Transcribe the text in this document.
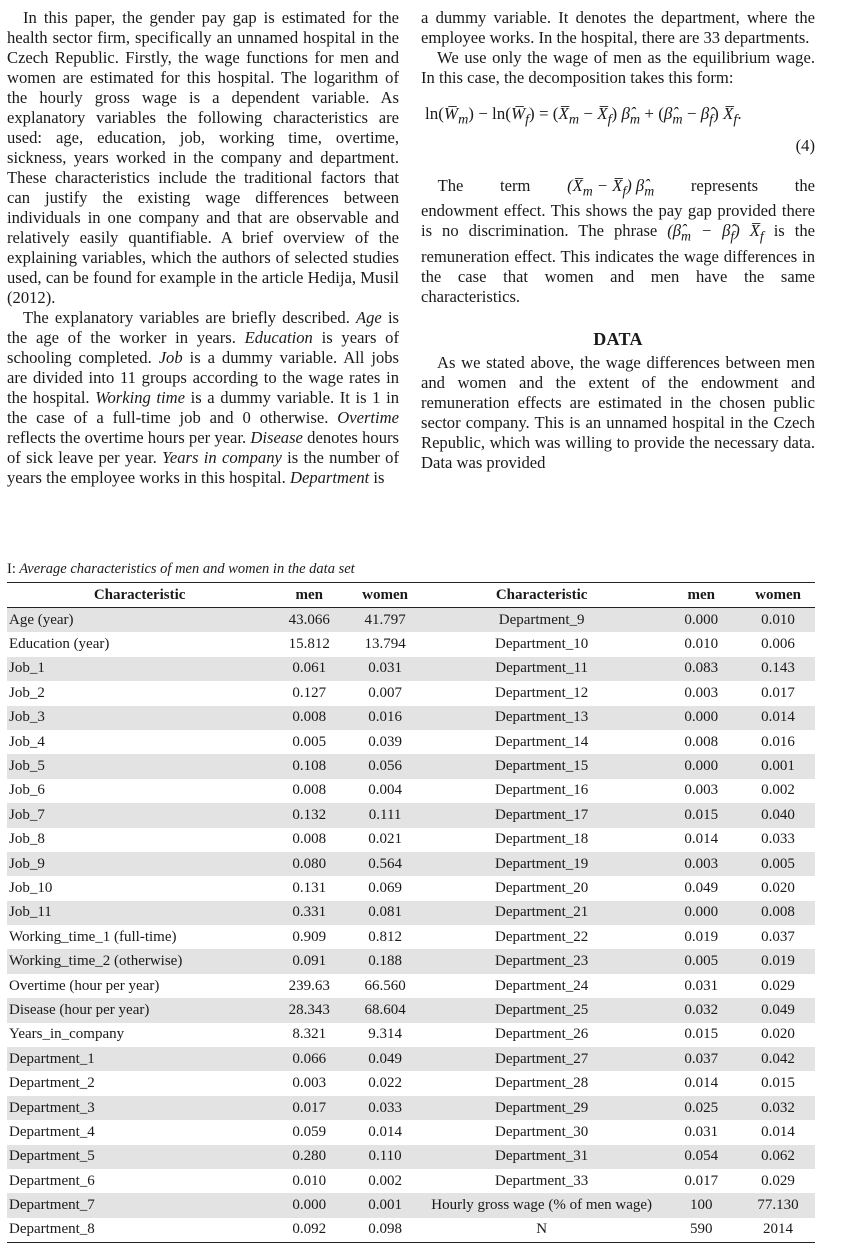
In this paper, the gender pay gap is estimated for the health sector firm, specifically an unnamed hospital in the Czech Republic. Firstly, the wage functions for men and women are estimated for this hospital. The logarithm of the hourly gross wage is a dependent variable. As explanatory variables the following characteristics are used: age, education, job, working time, overtime, sickness, years worked in the company and department. These characteristics include the traditional factors that can justify the existing wage differences between individuals in one company and that are observable and relatively easily quantifiable. A brief overview of the explaining variables, which the authors of selected studies used, can be found for example in the article Hedija, Musil (2012).

The explanatory variables are briefly described. Age is the age of the worker in years. Education is years of schooling completed. Job is a dummy variable. All jobs are divided into 11 groups according to the wage rates in the hospital. Working time is a dummy variable. It is 1 in the case of a full-time job and 0 otherwise. Overtime reflects the overtime hours per year. Disease denotes hours of sick leave per year. Years in company is the number of years the employee works in this hospital. Department is

a dummy variable. It denotes the department, where the employee works. In the hospital, there are 33 departments.

We use only the wage of men as the equilibrium wage. In this case, the decomposition takes this form:

$\ln(W̅_m)$ − $\ln(W̅_f)$ = ($X̅_m$ − $X̅_f$) $\betâ_m$ + ($\betâ_m$ − $\betâ_f$) $X̅_f$.
(4)

The term ($X̅_m$ − $X̅_f$) $\betâ_m$ represents the
endowment effect. This shows the pay gap provided there is no discrimination. The phrase ($\betâ_m$ − $\betâ_f$) $X̅_f$ is the remuneration effect. This indicates the wage differences in the case that women and men have the same characteristics.

DATA

As we stated above, the wage differences between men and women and the extent of the endowment and remuneration effects are estimated in the chosen public sector company. This is an unnamed hospital in the Czech Republic, which was willing to provide the necessary data. Data was provided

I: Average characteristics of men and women in the data set
Characteristic	men	women	Characteristic	men	women
Age (year)	43.066	41.797	Department_9	0.000	0.010
Education (year)	15.812	13.794	Department_10	0.010	0.006
Job_1	0.061	0.031	Department_11	0.083	0.143
Job_2	0.127	0.007	Department_12	0.003	0.017
Job_3	0.008	0.016	Department_13	0.000	0.014
Job_4	0.005	0.039	Department_14	0.008	0.016
Job_5	0.108	0.056	Department_15	0.000	0.001
Job_6	0.008	0.004	Department_16	0.003	0.002
Job_7	0.132	0.111	Department_17	0.015	0.040
Job_8	0.008	0.021	Department_18	0.014	0.033
Job_9	0.080	0.564	Department_19	0.003	0.005
Job_10	0.131	0.069	Department_20	0.049	0.020
Job_11	0.331	0.081	Department_21	0.000	0.008
Working_time_1 (full-time)	0.909	0.812	Department_22	0.019	0.037
Working_time_2 (otherwise)	0.091	0.188	Department_23	0.005	0.019
Overtime (hour per year)	239.63	66.560	Department_24	0.031	0.029
Disease (hour per year)	28.343	68.604	Department_25	0.032	0.049
Years_in_company	8.321	9.314	Department_26	0.015	0.020
Department_1	0.066	0.049	Department_27	0.037	0.042
Department_2	0.003	0.022	Department_28	0.014	0.015
Department_3	0.017	0.033	Department_29	0.025	0.032
Department_4	0.059	0.014	Department_30	0.031	0.014
Department_5	0.280	0.110	Department_31	0.054	0.062
Department_6	0.010	0.002	Department_33	0.017	0.029
Department_7	0.000	0.001	Hourly gross wage (% of men wage)	100	77.130
Department_8	0.092	0.098	N	590	2014
